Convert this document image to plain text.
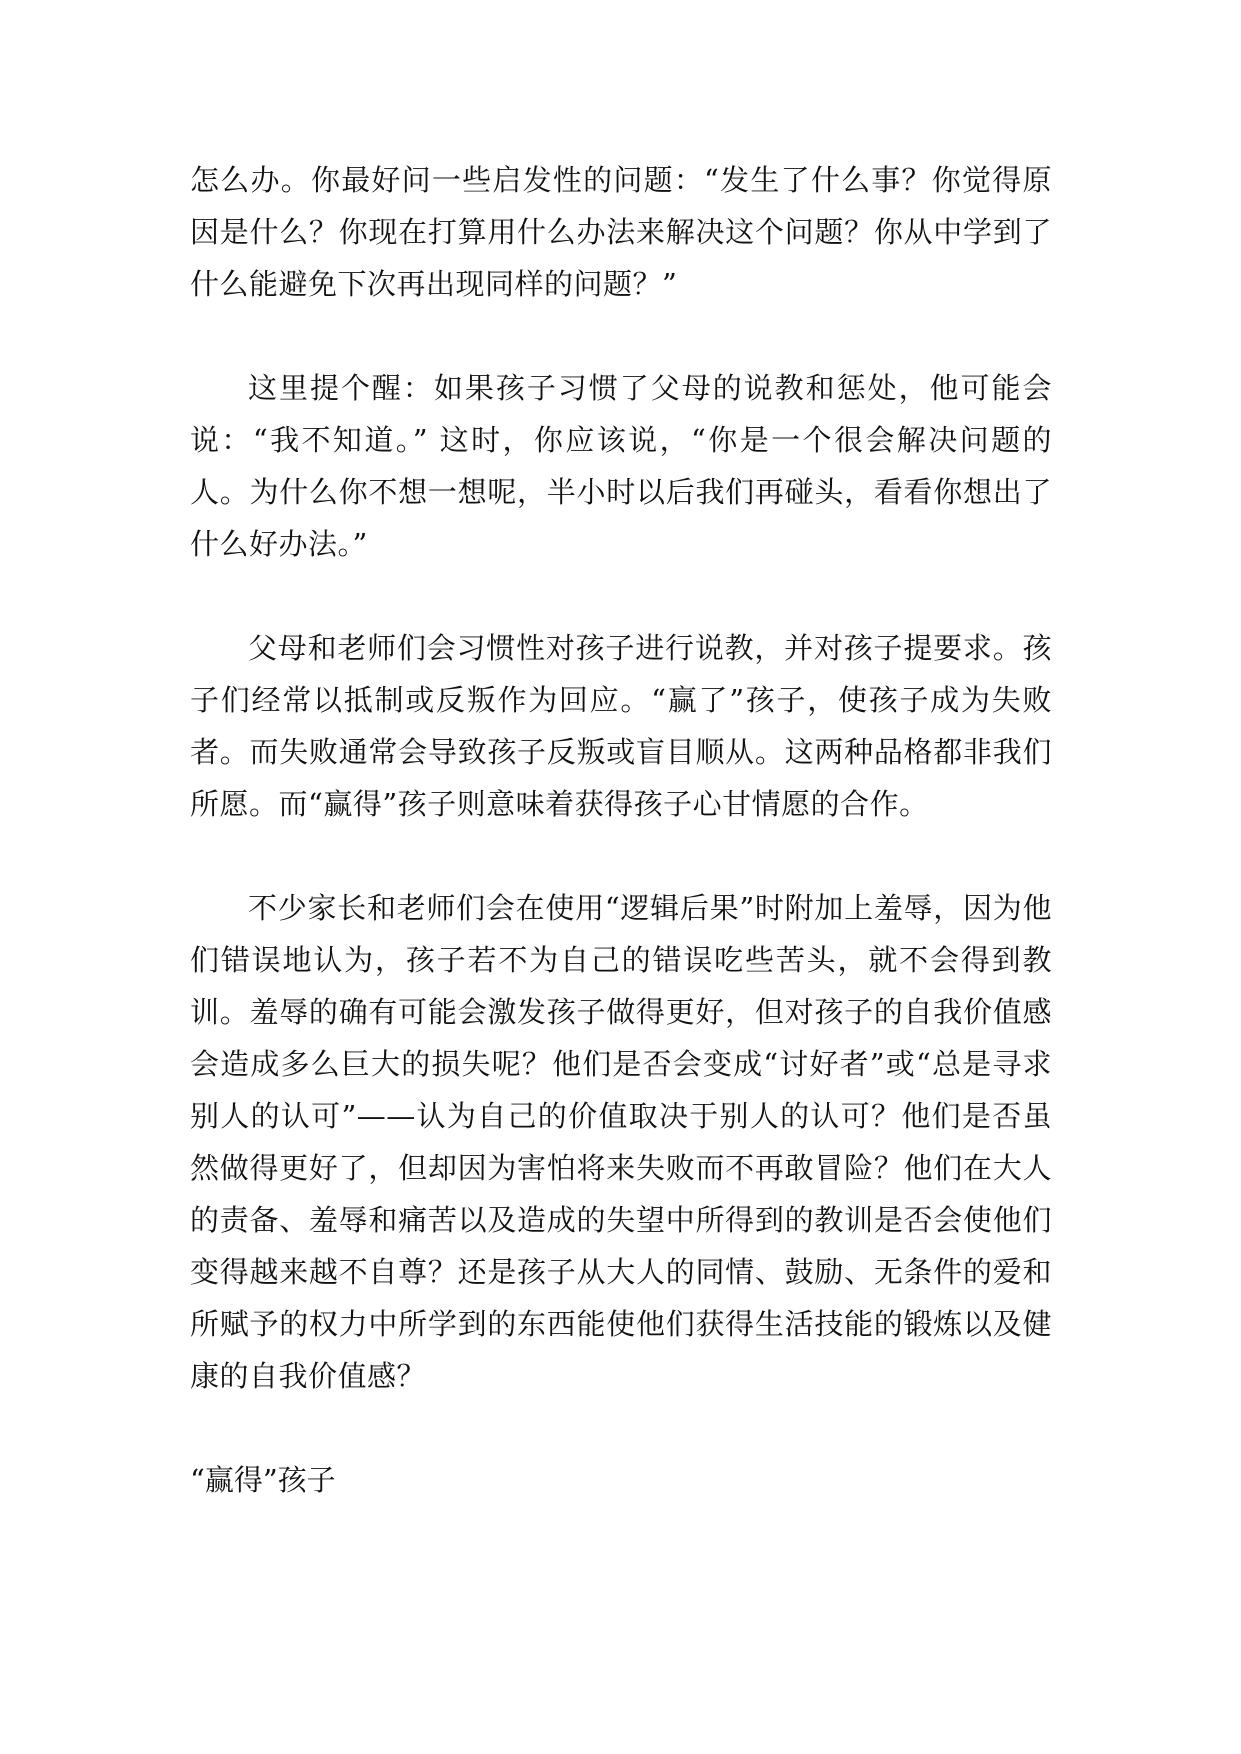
怎么办。你最好问一些启发性的问题：“发生了什么事？你觉得原因是什么？你现在打算用什么办法来解决这个问题？你从中学到了什么能避免下次再出现同样的问题？”

这里提个醒：如果孩子习惯了父母的说教和惩处，他可能会说：“我不知道。” 这时，你应该说，“你是一个很会解决问题的人。为什么你不想一想呢，半小时以后我们再碰头，看看你想出了什么好办法。”

父母和老师们会习惯性对孩子进行说教，并对孩子提要求。孩子们经常以抵制或反叛作为回应。“赢了”孩子，使孩子成为失败者。而失败通常会导致孩子反叛或盲目顺从。这两种品格都非我们所愿。而“赢得”孩子则意味着获得孩子心甘情愿的合作。

不少家长和老师们会在使用“逻辑后果”时附加上羞辱，因为他们错误地认为，孩子若不为自己的错误吃些苦头，就不会得到教训。羞辱的确有可能会激发孩子做得更好，但对孩子的自我价值感会造成多么巨大的损失呢？他们是否会变成“讨好者”或“总是寻求别人的认可”——认为自己的价值取决于别人的认可？他们是否虽然做得更好了，但却因为害怕将来失败而不再敢冒险？他们在大人的责备、羞辱和痛苦以及造成的失望中所得到的教训是否会使他们变得越来越不自尊？还是孩子从大人的同情、鼓励、无条件的爱和所赋予的权力中所学到的东西能使他们获得生活技能的锻炼以及健康的自我价值感？

“赢得”孩子
